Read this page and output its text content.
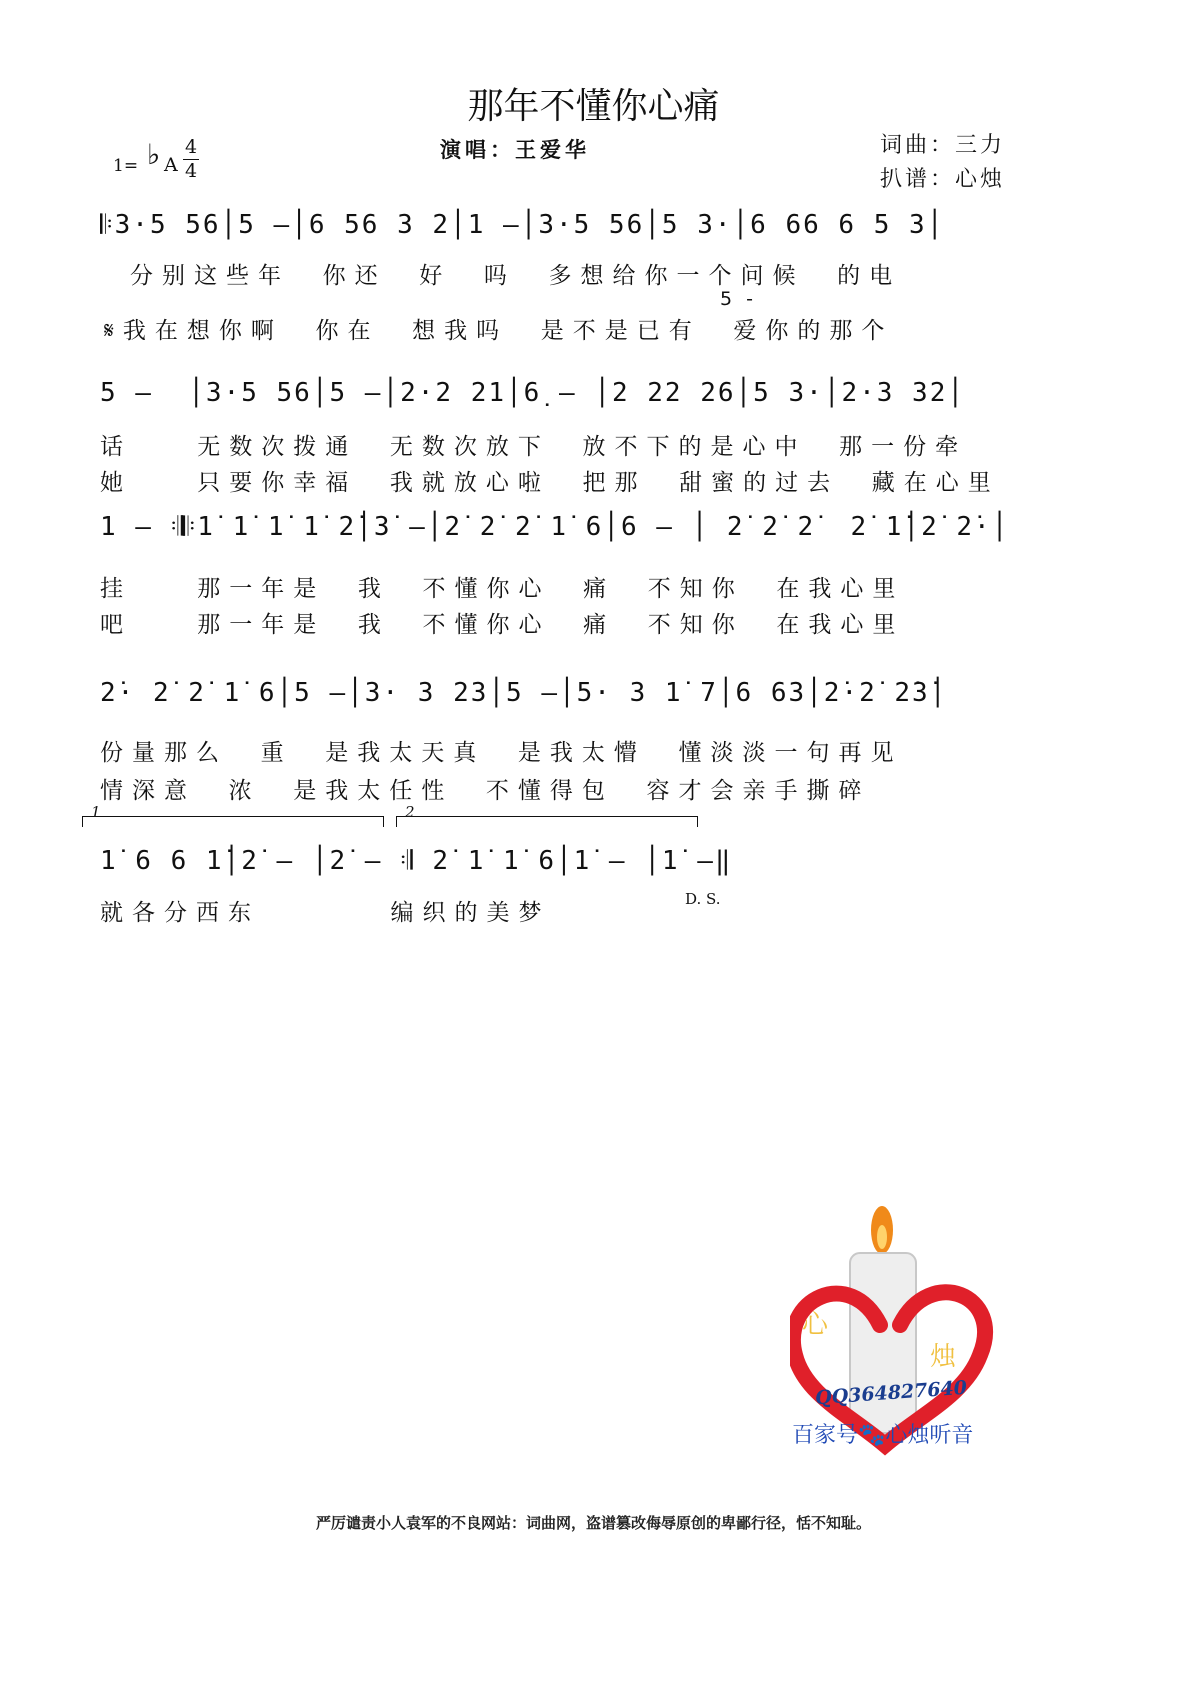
那年不懂你心痛
1= ♭ A
4
4
演唱：王爱华	词曲：三力
扒谱：心烛
𝄆3·5 56│5 –│6 56 3 2│1 –│3·5 56│5 3·│6 66 6 5 3│
分别这些年  你还  好  吗  多想给你一个问候  的电
5 -
𝄋我在想你啊  你在  想我吗  是不是已有  爱你的那个
5 –  │3·5 56│5 –│2·2 21│6̣ – │2 22 26│5 3·│2·3 32│
话    无数次拨通  无数次放下  放不下的是心中  那一份牵
她    只要你幸福  我就放心啦  把那  甜蜜的过去  藏在心里
1 – 𝄇𝄆1̇ 1̇ 1̇ 1̇ 2̇│3̇ –│2̇ 2̇ 2̇ 1̇ 6│6 – │ 2̇ 2̇ 2̇  2̇ 1̇│2̇ 2̇·│
挂    那一年是  我  不懂你心  痛  不知你  在我心里
吧    那一年是  我  不懂你心  痛  不知你  在我心里
2̇· 2̇ 2̇ 1̇ 6│5 –│3· 3 23│5 –│5· 3 1̇ 7│6 63│2̇·2̇ 2̇3̇│
份量那么  重  是我太天真  是我太懵  懂淡淡一句再见
情深意  浓  是我太任性  不懂得包  容才会亲手撕碎
1	2
1̇ 6 6 1̇│2̇ – │2̇ – 𝄇 2̇ 1̇ 1̇ 6│1̇ – │1̇ –‖
就各分西东        编织的美梦
D. S.
心
烛
QQ364827640
百家号🐾心烛听音
严厉谴责小人袁军的不良网站：词曲网，盗谱篡改侮辱原创的卑鄙行径，恬不知耻。
